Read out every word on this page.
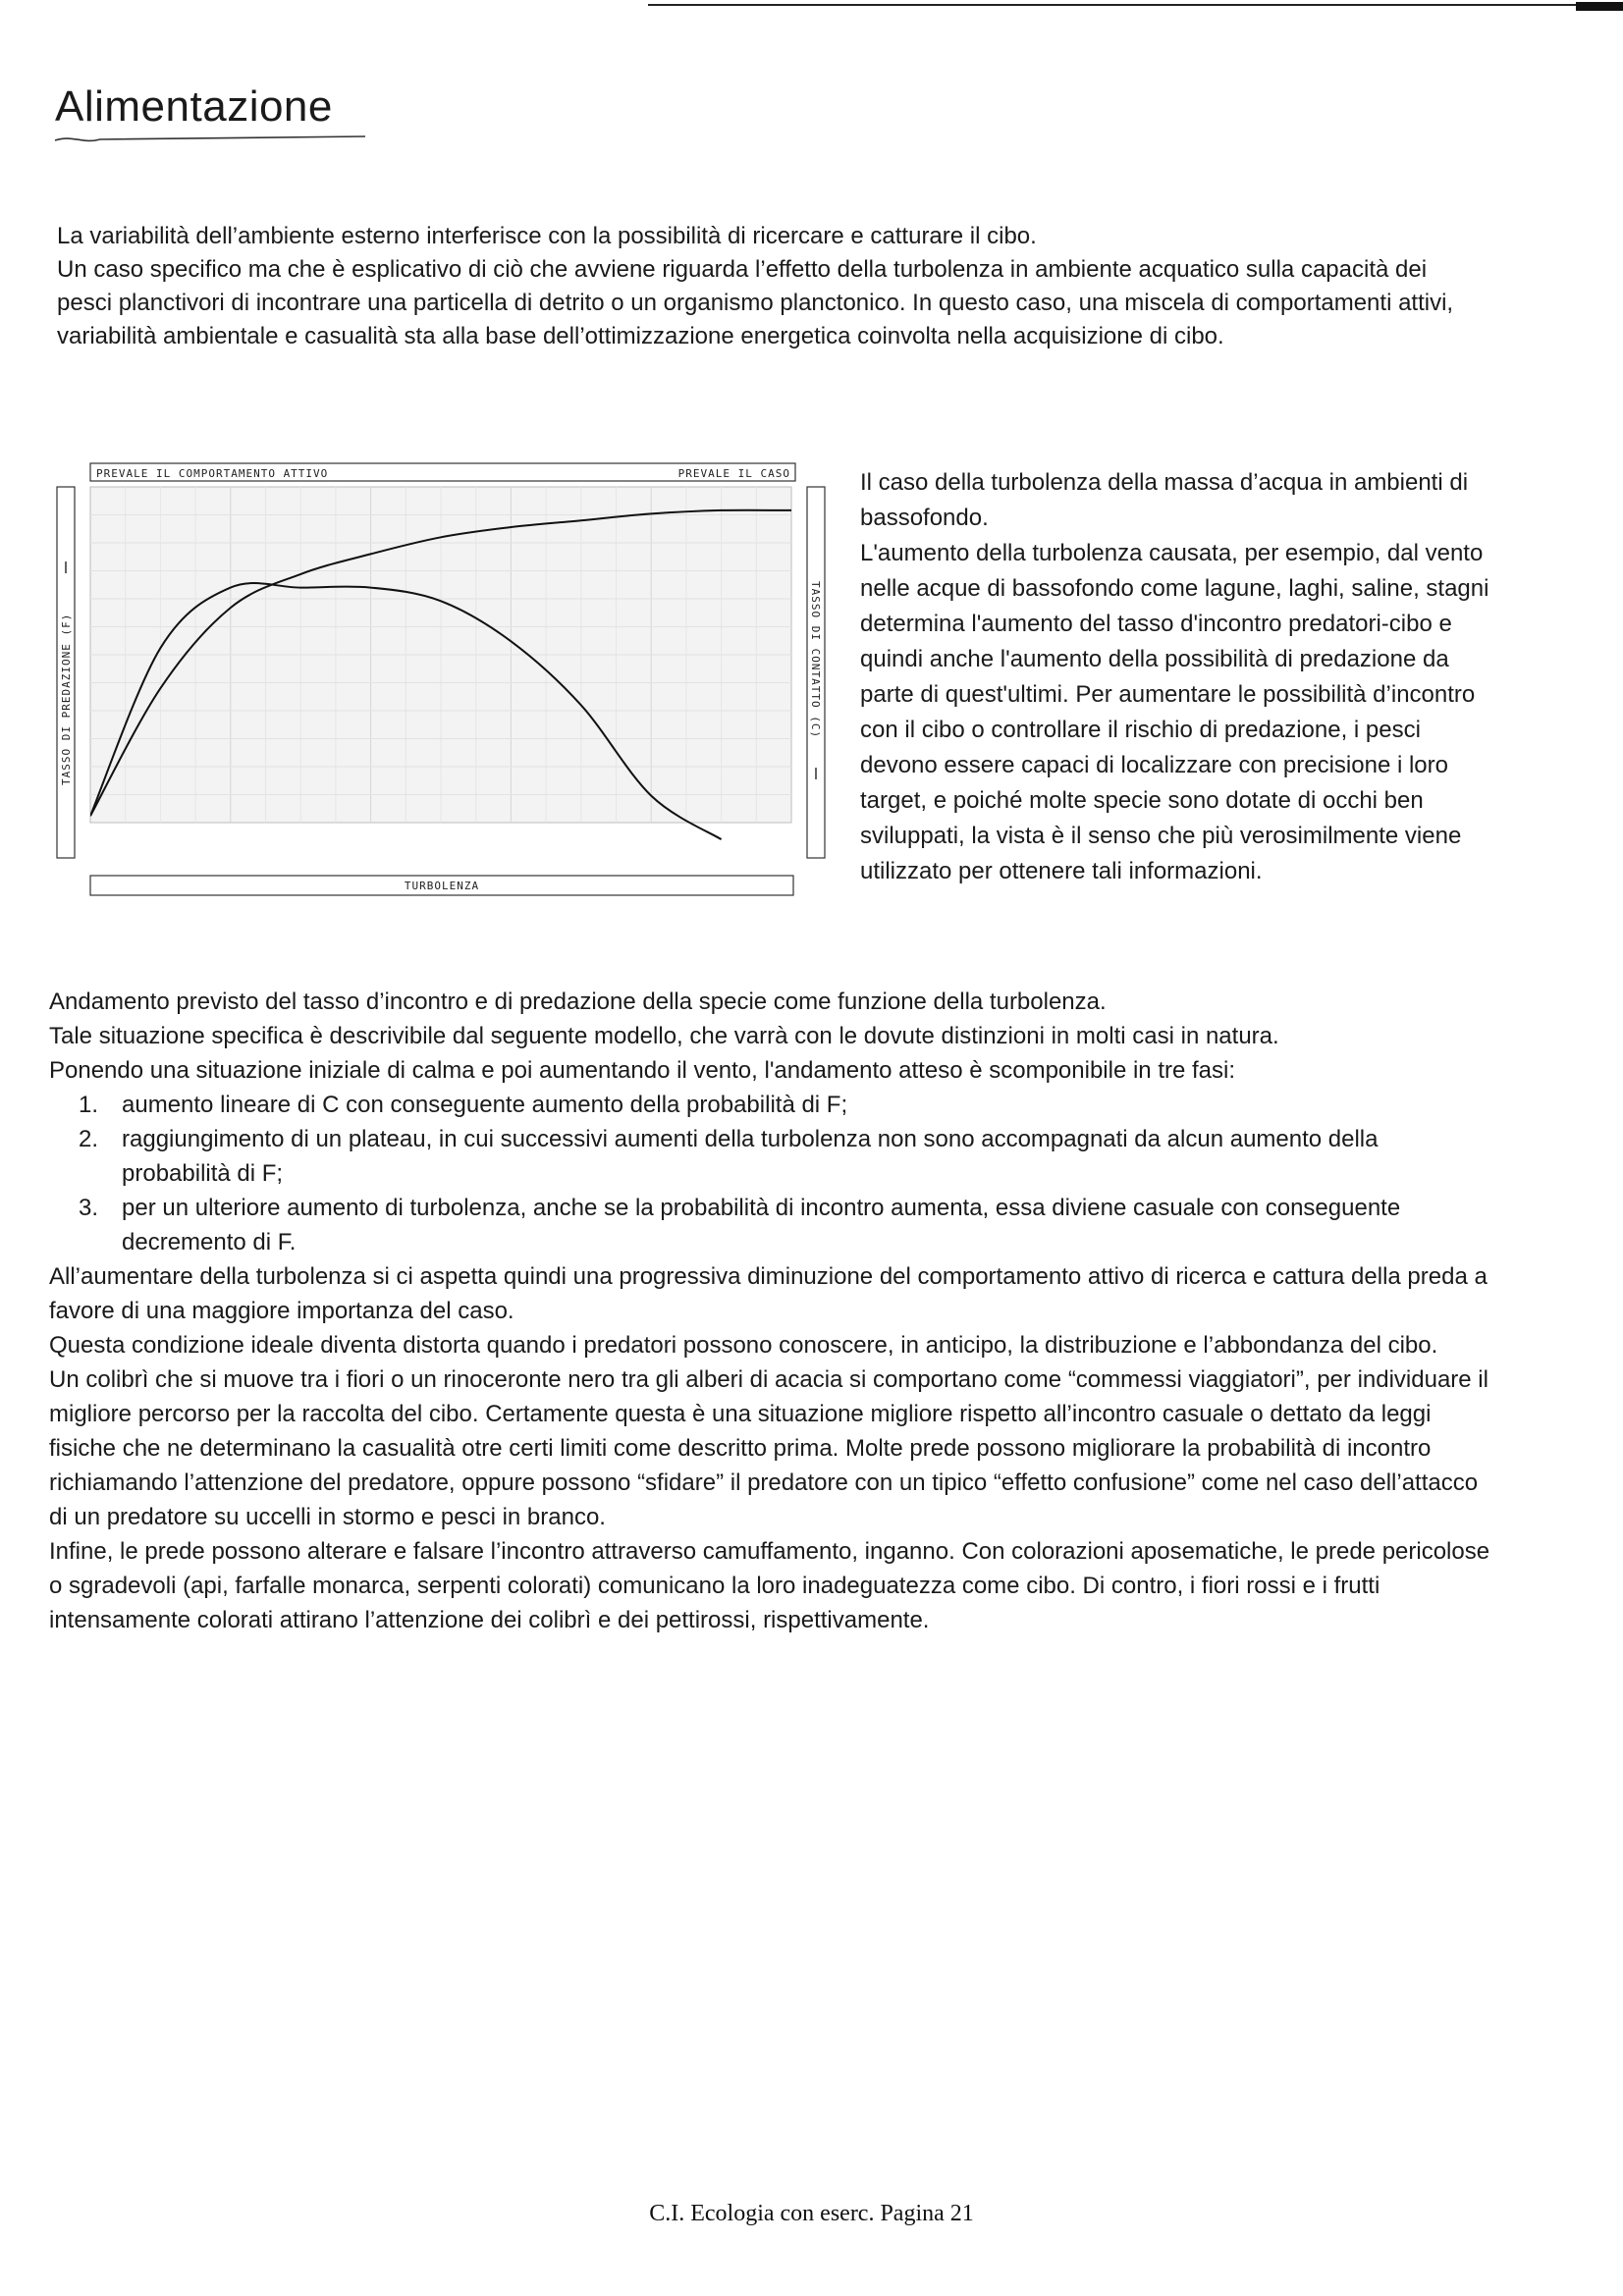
Alimentazione
La variabilità dell’ambiente esterno interferisce con la possibilità di ricercare e catturare il cibo.
Un caso specifico ma che è esplicativo di ciò che avviene riguarda l’effetto della turbolenza in ambiente acquatico sulla capacità dei pesci planctivori di incontrare una particella di detrito o un organismo planctonico. In questo caso, una miscela di comportamenti attivi, variabilità ambientale e casualità sta alla base dell’ottimizzazione energetica coinvolta nella acquisizione di cibo.
PREVALE IL COMPORTAMENTO ATTIVO	PREVALE IL CASO
TASSO DI PREDAZIONE (F)	TASSO DI CONTATTO (C)
TURBOLENZA
Il caso della turbolenza della massa d’acqua in ambienti di bassofondo.
L'aumento della turbolenza causata, per esempio, dal vento nelle acque di bassofondo come lagune, laghi, saline, stagni determina l'aumento del tasso d'incontro predatori-cibo e quindi anche l'aumento della possibilità di predazione da parte di quest'ultimi. Per aumentare le possibilità d’incontro con il cibo o controllare il rischio di predazione, i pesci devono essere capaci di localizzare con precisione i loro target, e poiché molte specie sono dotate di occhi ben sviluppati, la vista è il senso che più verosimilmente viene utilizzato per ottenere tali informazioni.
Andamento previsto del tasso d’incontro e di predazione della specie come funzione della turbolenza.
Tale situazione specifica è descrivibile dal seguente modello, che varrà con le dovute distinzioni in molti casi in natura.
Ponendo una situazione iniziale di calma e poi aumentando il vento, l'andamento atteso è scomponibile in tre fasi:
1. aumento lineare di C con conseguente aumento della probabilità di F;
2. raggiungimento di un plateau, in cui successivi aumenti della turbolenza non sono accompagnati da alcun aumento della probabilità di F;
3. per un ulteriore aumento di turbolenza, anche se la probabilità di incontro aumenta, essa diviene casuale con conseguente decremento di F.
All’aumentare della turbolenza si ci aspetta quindi una progressiva diminuzione del comportamento attivo di ricerca e cattura della preda a favore di una maggiore importanza del caso.
Questa condizione ideale diventa distorta quando i predatori possono conoscere, in anticipo, la distribuzione e l’abbondanza del cibo.
Un colibrì che si muove tra i fiori o un rinoceronte nero tra gli alberi di acacia si comportano come “commessi viaggiatori”, per individuare il migliore percorso per la raccolta del cibo. Certamente questa è una situazione migliore rispetto all’incontro casuale o dettato da leggi fisiche che ne determinano la casualità otre certi limiti come descritto prima. Molte prede possono migliorare la probabilità di incontro richiamando l’attenzione del predatore, oppure possono “sfidare” il predatore con un tipico “effetto confusione” come nel caso dell’attacco di un predatore su uccelli in stormo e pesci in branco.
Infine, le prede possono alterare e falsare l’incontro attraverso camuffamento, inganno. Con colorazioni aposematiche, le prede pericolose o sgradevoli (api, farfalle monarca, serpenti colorati) comunicano la loro inadeguatezza come cibo. Di contro, i fiori rossi e i frutti intensamente colorati attirano l’attenzione dei colibrì e dei pettirossi, rispettivamente.

C.I. Ecologia con eserc. Pagina 21
